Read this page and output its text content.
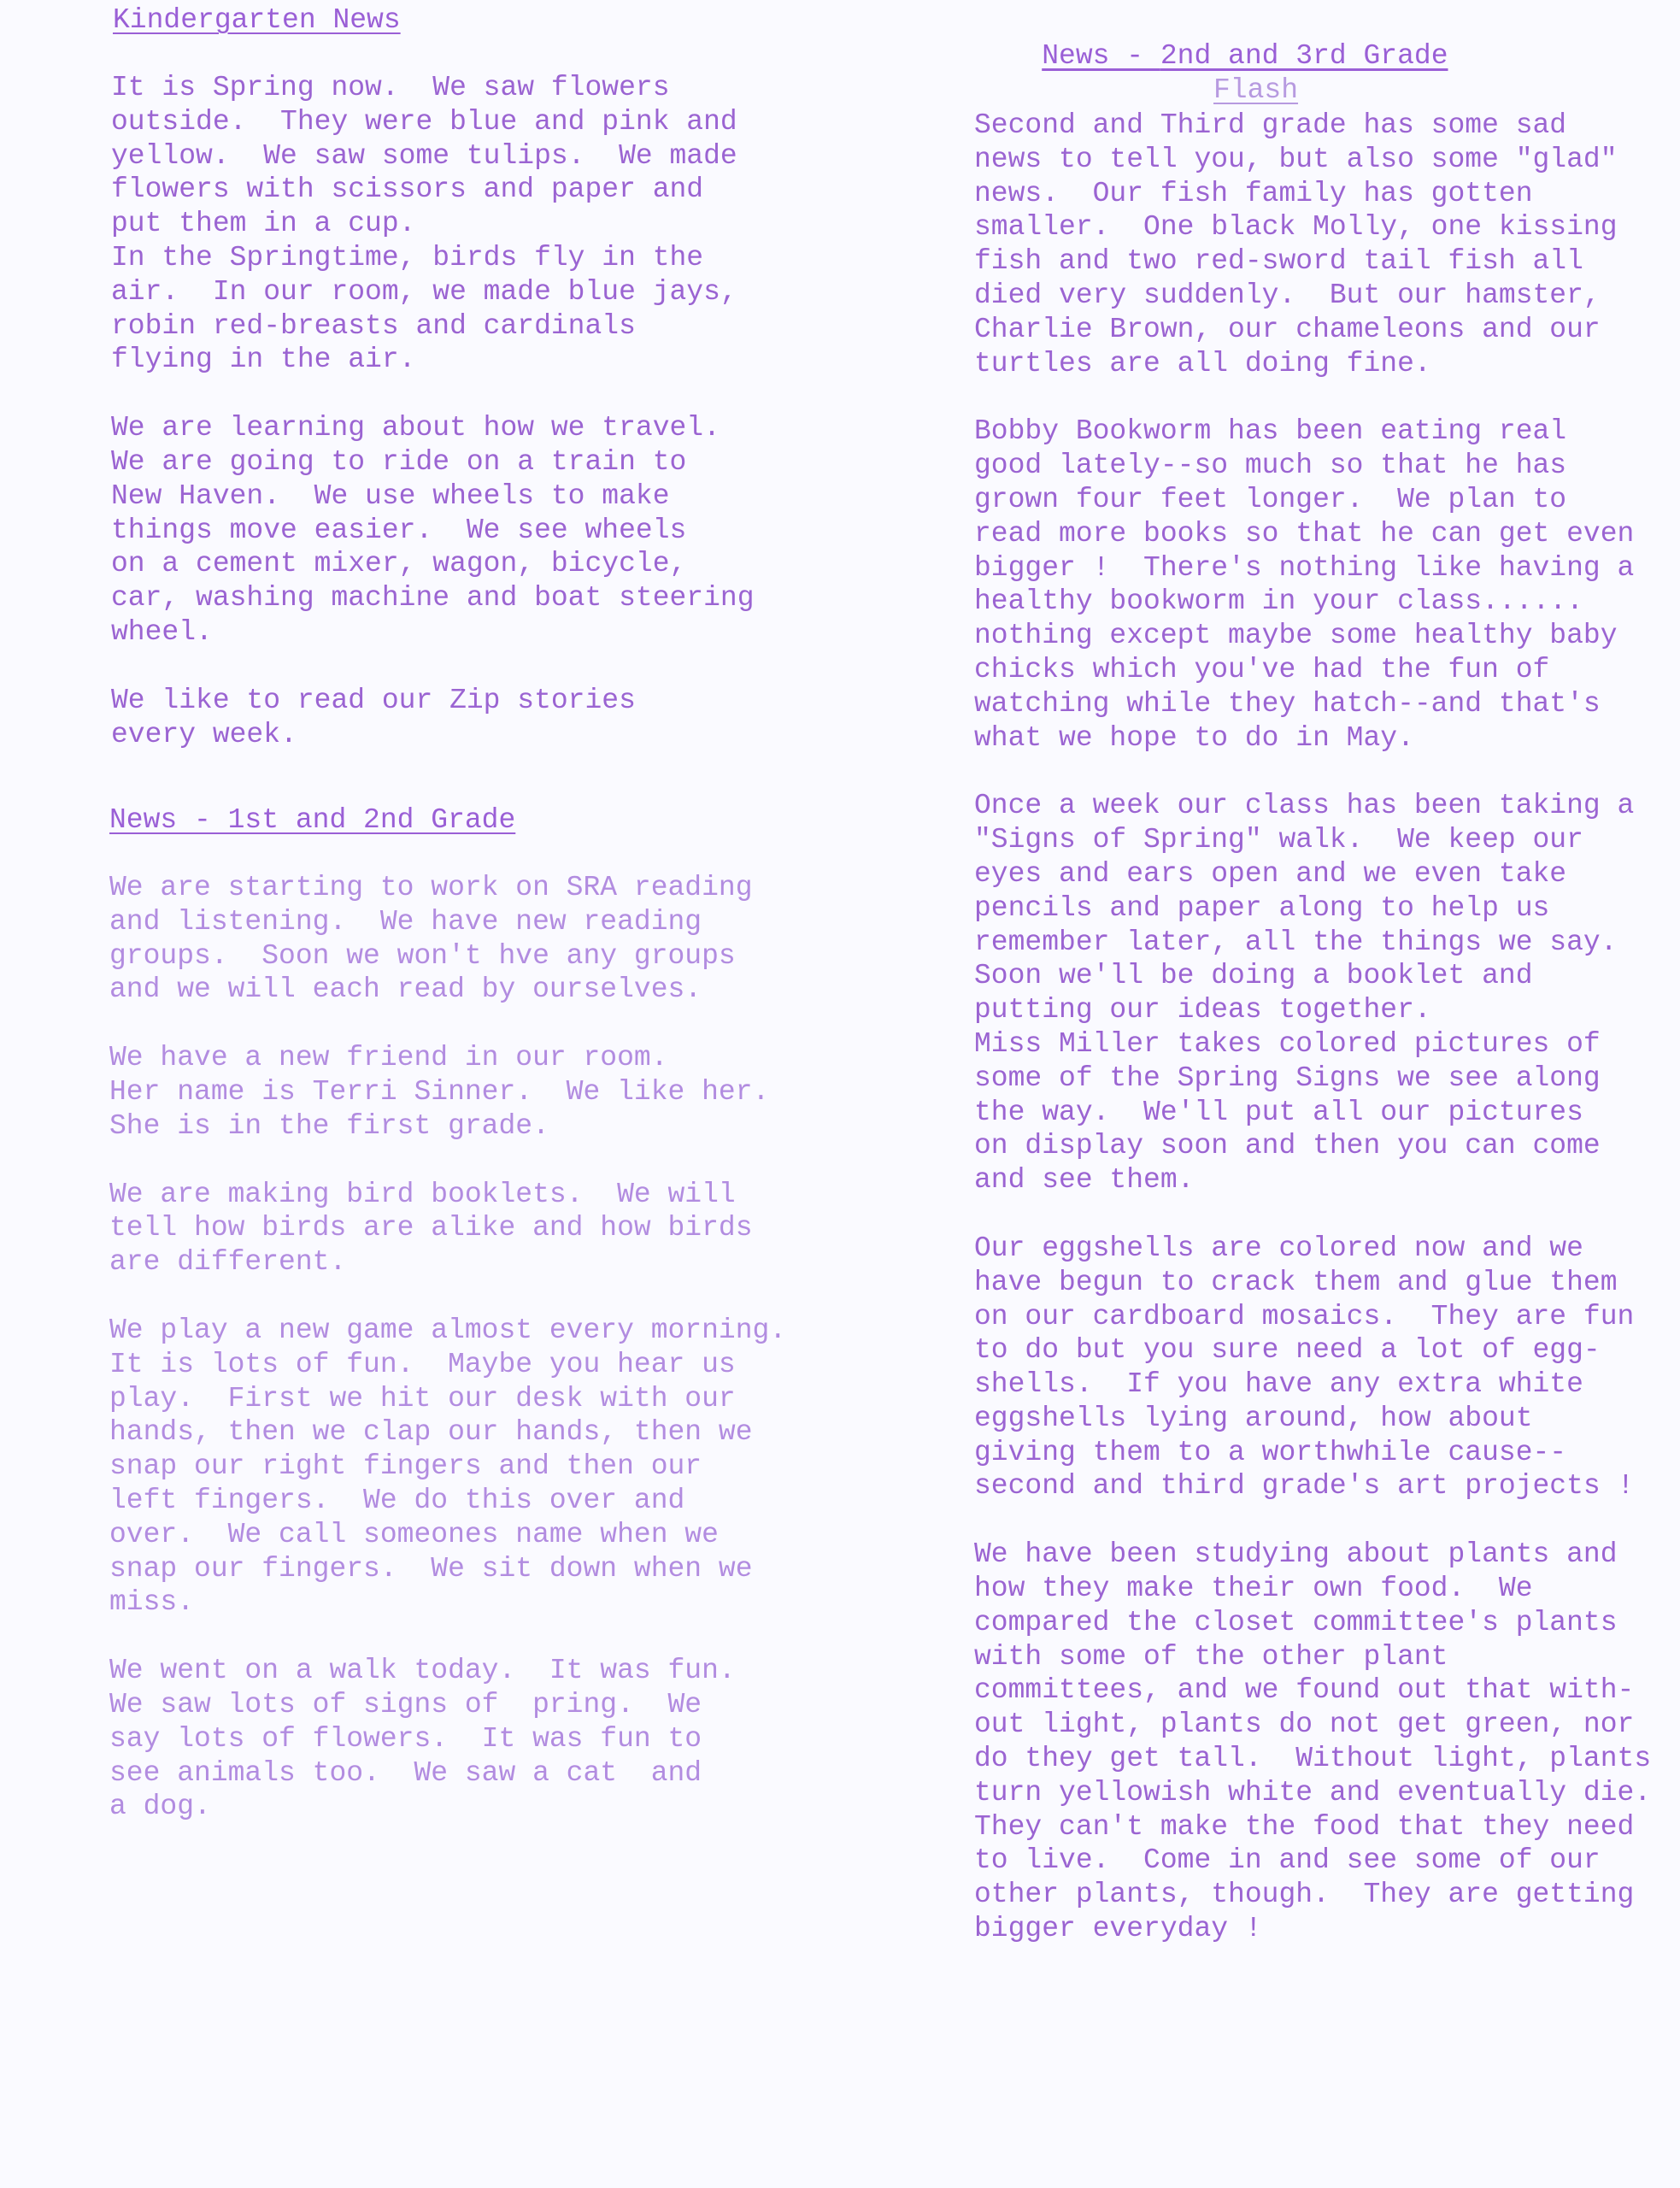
Kindergarten News
It is Spring now.  We saw flowers
outside.  They were blue and pink and
yellow.  We saw some tulips.  We made
flowers with scissors and paper and
put them in a cup.
In the Springtime, birds fly in the
air.  In our room, we made blue jays,
robin red-breasts and cardinals
flying in the air.
We are learning about how we travel.
We are going to ride on a train to
New Haven.  We use wheels to make
things move easier.  We see wheels
on a cement mixer, wagon, bicycle,
car, washing machine and boat steering
wheel.
We like to read our Zip stories
every week.
News - 1st and 2nd Grade
We are starting to work on SRA reading
and listening.  We have new reading
groups.  Soon we won't hve any groups
and we will each read by ourselves.
We have a new friend in our room.
Her name is Terri Sinner.  We like her.
She is in the first grade.
We are making bird booklets.  We will
tell how birds are alike and how birds
are different.
We play a new game almost every morning.
It is lots of fun.  Maybe you hear us
play.  First we hit our desk with our
hands, then we clap our hands, then we
snap our right fingers and then our
left fingers.  We do this over and
over.  We call someones name when we
snap our fingers.  We sit down when we
miss.
We went on a walk today.  It was fun.
We saw lots of signs of  pring.  We
say lots of flowers.  It was fun to
see animals too.  We saw a cat  and
a dog.

News - 2nd and 3rd Grade

Flash
Second and Third grade has some sad
news to tell you, but also some "glad"
news.  Our fish family has gotten
smaller.  One black Molly, one kissing
fish and two red-sword tail fish all
died very suddenly.  But our hamster,
Charlie Brown, our chameleons and our
turtles are all doing fine.
Bobby Bookworm has been eating real
good lately--so much so that he has
grown four feet longer.  We plan to
read more books so that he can get even
bigger !  There's nothing like having a
healthy bookworm in your class......
nothing except maybe some healthy baby
chicks which you've had the fun of
watching while they hatch--and that's
what we hope to do in May.
Once a week our class has been taking a
"Signs of Spring" walk.  We keep our
eyes and ears open and we even take
pencils and paper along to help us
remember later, all the things we say.
Soon we'll be doing a booklet and
putting our ideas together.
Miss Miller takes colored pictures of
some of the Spring Signs we see along
the way.  We'll put all our pictures
on display soon and then you can come
and see them.
Our eggshells are colored now and we
have begun to crack them and glue them
on our cardboard mosaics.  They are fun
to do but you sure need a lot of egg-
shells.  If you have any extra white
eggshells lying around, how about
giving them to a worthwhile cause--
second and third grade's art projects !
We have been studying about plants and
how they make their own food.  We
compared the closet committee's plants
with some of the other plant
committees, and we found out that with-
out light, plants do not get green, nor
do they get tall.  Without light, plants
turn yellowish white and eventually die.
They can't make the food that they need
to live.  Come in and see some of our
other plants, though.  They are getting
bigger everyday !
